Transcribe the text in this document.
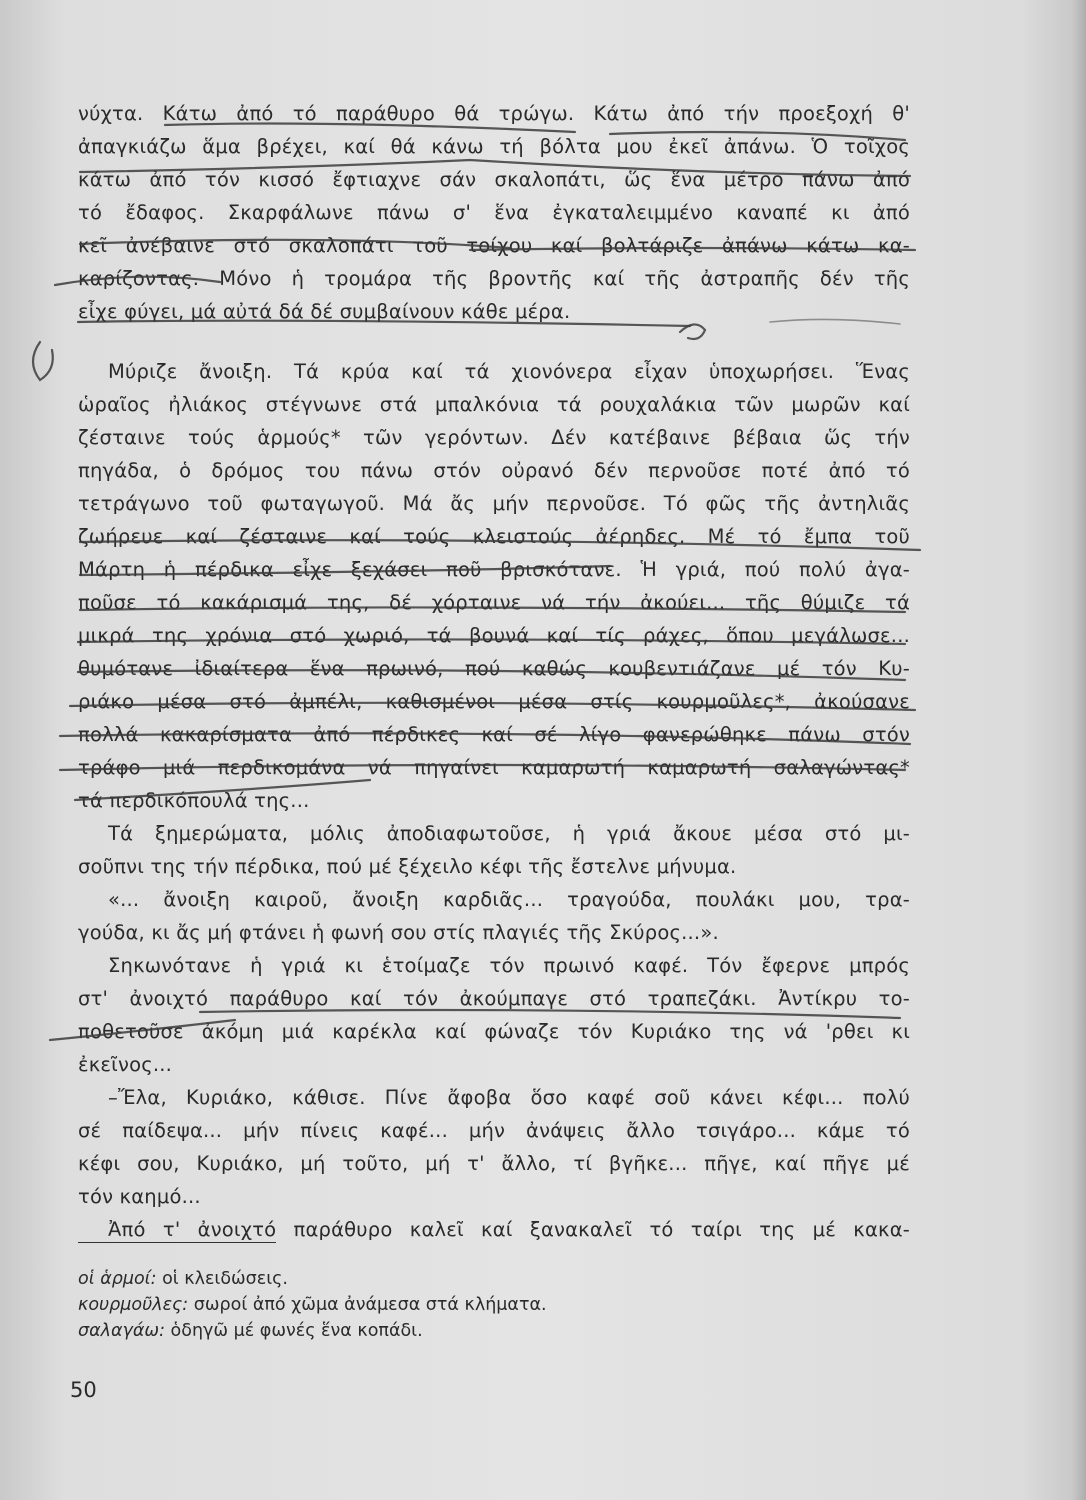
νύχτα. Κάτω ἀπό τό παράθυρο θά τρώγω. Κάτω ἀπό τήν προεξοχή θ'
ἀπαγκιάζω ἅμα βρέχει, καί θά κάνω τή βόλτα μου ἐκεῖ ἀπάνω. Ὁ τοῖχος
κάτω ἀπό τόν κισσό ἔφτιαχνε σάν σκαλοπάτι, ὥς ἕνα μέτρο πάνω ἀπό
τό ἔδαφος. Σκαρφάλωνε πάνω σ' ἕνα ἐγκαταλειμμένο καναπέ κι ἀπό
κεῖ ἀνέβαινε στό σκαλοπάτι τοῦ τοίχου καί βολτάριζε ἀπάνω κάτω κα-
καρίζοντας. Μόνο ἡ τρομάρα τῆς βροντῆς καί τῆς ἀστραπῆς δέν τῆς
εἶχε φύγει, μά αὐτά δά δέ συμβαίνουν κάθε μέρα.
Μύριζε ἄνοιξη. Τά κρύα καί τά χιονόνερα εἶχαν ὑποχωρήσει. Ἕνας
ὡραῖος ἠλιάκος στέγνωνε στά μπαλκόνια τά ρουχαλάκια τῶν μωρῶν καί
ζέσταινε τούς ἁρμούς* τῶν γερόντων. Δέν κατέβαινε βέβαια ὥς τήν
πηγάδα, ὁ δρόμος του πάνω στόν οὐρανό δέν περνοῦσε ποτέ ἀπό τό
τετράγωνο τοῦ φωταγωγοῦ. Μά ἄς μήν περνοῦσε. Τό φῶς τῆς ἀντηλιᾶς
ζωήρευε καί ζέσταινε καί τούς κλειστούς ἀέρηδες. Μέ τό ἔμπα τοῦ
Μάρτη ἡ πέρδικα εἶχε ξεχάσει ποῦ βρισκότανε. Ἡ γριά, πού πολύ ἀγα-
ποῦσε τό κακάρισμά της, δέ χόρταινε νά τήν ἀκούει... τῆς θύμιζε τά
μικρά της χρόνια στό χωριό, τά βουνά καί τίς ράχες, ὅπου μεγάλωσε...
θυμότανε ἰδιαίτερα ἕνα πρωινό, πού καθώς κουβεντιάζανε μέ τόν Κυ-
ριάκο μέσα στό ἀμπέλι, καθισμένοι μέσα στίς κουρμοῦλες*, ἀκούσανε
πολλά κακαρίσματα ἀπό πέρδικες καί σέ λίγο φανερώθηκε πάνω στόν
τράφο μιά περδικομάνα νά πηγαίνει καμαρωτή καμαρωτή σαλαγώντας*
τά περδικόπουλά της...
Τά ξημερώματα, μόλις ἀποδιαφωτοῦσε, ἡ γριά ἄκουε μέσα στό μι-
σοῦπνι της τήν πέρδικα, πού μέ ξέχειλο κέφι τῆς ἔστελνε μήνυμα.
«... ἄνοιξη καιροῦ, ἄνοιξη καρδιᾶς... τραγούδα, πουλάκι μου, τρα-
γούδα, κι ἄς μή φτάνει ἡ φωνή σου στίς πλαγιές τῆς Σκύρος...».
Σηκωνότανε ἡ γριά κι ἑτοίμαζε τόν πρωινό καφέ. Τόν ἔφερνε μπρός
στ' ἀνοιχτό παράθυρο καί τόν ἀκούμπαγε στό τραπεζάκι. Ἀντίκρυ το-
ποθετοῦσε ἀκόμη μιά καρέκλα καί φώναζε τόν Κυριάκο της νά 'ρθει κι
ἐκεῖνος...
–Ἔλα, Κυριάκο, κάθισε. Πίνε ἄφοβα ὅσο καφέ σοῦ κάνει κέφι... πολύ
σέ παίδεψα... μήν πίνεις καφέ... μήν ἀνάψεις ἄλλο τσιγάρο... κάμε τό
κέφι σου, Κυριάκο, μή τοῦτο, μή τ' ἄλλο, τί βγῆκε... πῆγε, καί πῆγε μέ
τόν καημό...
Ἀπό τ' ἀνοιχτό παράθυρο καλεῖ καί ξανακαλεῖ τό ταίρι της μέ κακα-
οἱ ἁρμοί: οἱ κλειδώσεις.
κουρμοῦλες: σωροί ἀπό χῶμα ἀνάμεσα στά κλήματα.
σαλαγάω: ὁδηγῶ μέ φωνές ἕνα κοπάδι.
50
